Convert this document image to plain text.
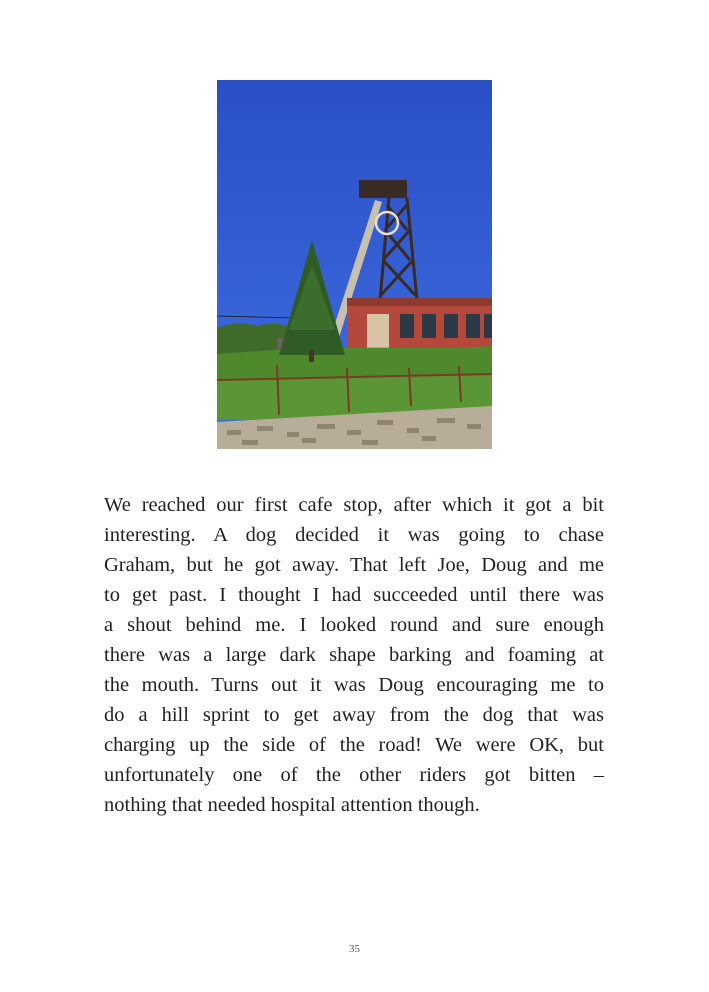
We reached our first cafe stop, after which it got a bit
interesting. A dog decided it was going to chase
Graham, but he got away. That left Joe, Doug and me
to get past. I thought I had succeeded until there was
a shout behind me. I looked round and sure enough
there was a large dark shape barking and foaming at
the mouth. Turns out it was Doug encouraging me to
do a hill sprint to get away from the dog that was
charging up the side of the road! We were OK, but
unfortunately one of the other riders got bitten –
nothing that needed hospital attention though.

35
